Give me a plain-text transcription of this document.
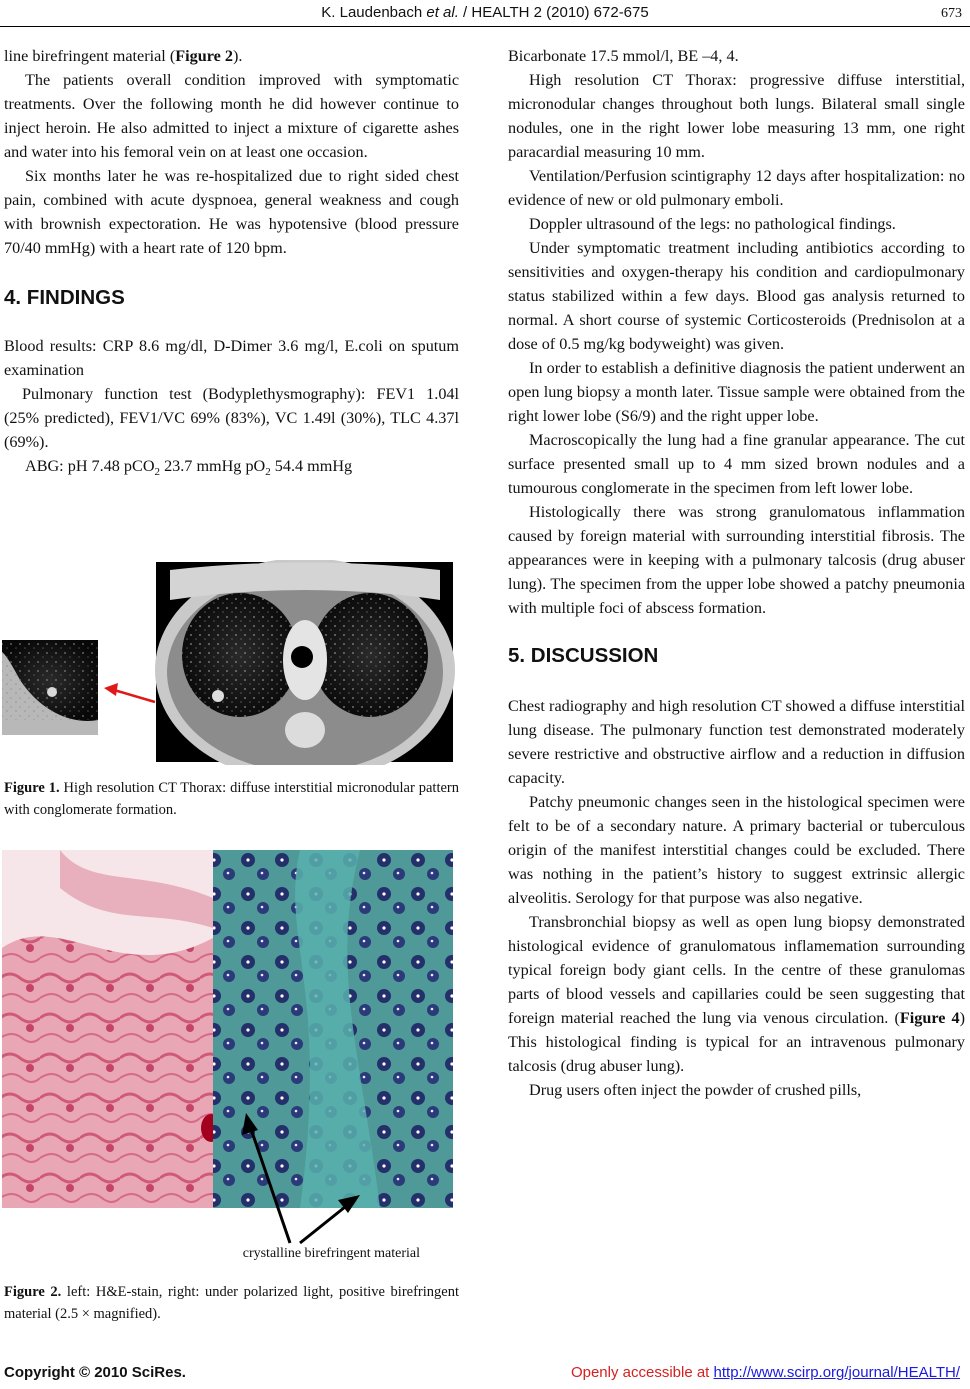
K. Laudenbach et al. / HEALTH 2 (2010) 672-675	673

line birefringent material (Figure 2).

The patients overall condition improved with symptomatic treatments. Over the following month he did however continue to inject heroin. He also admitted to inject a mixture of cigarette ashes and water into his femoral vein on at least one occasion.

Six months later he was re-hospitalized due to right sided chest pain, combined with acute dyspnoea, general weakness and cough with brownish expectoration. He was hypotensive (blood pressure 70/40 mmHg) with a heart rate of 120 bpm.

4. FINDINGS

Blood results: CRP 8.6 mg/dl, D-Dimer 3.6 mg/l, E.coli on sputum examination

Pulmonary function test (Bodyplethysmography): FEV1 1.04l (25% predicted), FEV1/VC 69% (83%), VC 1.49l (30%), TLC 4.37l (69%).

ABG: pH 7.48 pCO$_2$ 23.7 mmHg $pO_2$ 54.4 mmHg

Figure 1. High resolution CT Thorax: diffuse interstitial micronodular pattern with conglomerate formation.
crystalline birefringent material
Figure 2. left: H&E-stain, right: under polarized light, positive birefringent material (2.5 × magnified).

Bicarbonate 17.5 mmol/l, BE –4, 4.

High resolution CT Thorax: progressive diffuse interstitial, micronodular changes throughout both lungs. Bilateral small single nodules, one in the right lower lobe measuring 13 mm, one right paracardial measuring 10 mm.

Ventilation/Perfusion scintigraphy 12 days after hospitalization: no evidence of new or old pulmonary emboli.

Doppler ultrasound of the legs: no pathological findings.

Under symptomatic treatment including antibiotics according to sensitivities and oxygen-therapy his condition and cardiopulmonary status stabilized within a few days. Blood gas analysis returned to normal. A short course of systemic Corticosteroids (Prednisolon at a dose of 0.5 mg/kg bodyweight) was given.

In order to establish a definitive diagnosis the patient underwent an open lung biopsy a month later. Tissue sample were obtained from the right lower lobe (S6/9) and the right upper lobe.

Macroscopically the lung had a fine granular appearance. The cut surface presented small up to 4 mm sized brown nodules and a tumourous conglomerate in the specimen from left lower lobe.

Histologically there was strong granulomatous inflammation caused by foreign material with surrounding interstitial fibrosis. The appearances were in keeping with a pulmonary talcosis (drug abuser lung). The specimen from the upper lobe showed a patchy pneumonia with multiple foci of abscess formation.

5. DISCUSSION

Chest radiography and high resolution CT showed a diffuse interstitial lung disease. The pulmonary function test demonstrated moderately severe restrictive and obstructive airflow and a reduction in diffusion capacity.

Patchy pneumonic changes seen in the histological specimen were felt to be of a secondary nature. A primary bacterial or tuberculous origin of the manifest interstitial changes could be excluded. There was nothing in the patient’s history to suggest extrinsic allergic alveolitis. Serology for that purpose was also negative.

Transbronchial biopsy as well as open lung biopsy demonstrated histological evidence of granulomatous inflamemation surrounding typical foreign body giant cells. In the centre of these granulomas parts of blood vessels and capillaries could be seen suggesting that foreign material reached the lung via venous circulation. (Figure 4) This histological finding is typical for an intravenous pulmonary talcosis (drug abuser lung).

Drug users often inject the powder of crushed pills,

Copyright © 2010 SciRes.	Openly accessible at http://www.scirp.org/journal/HEALTH/
